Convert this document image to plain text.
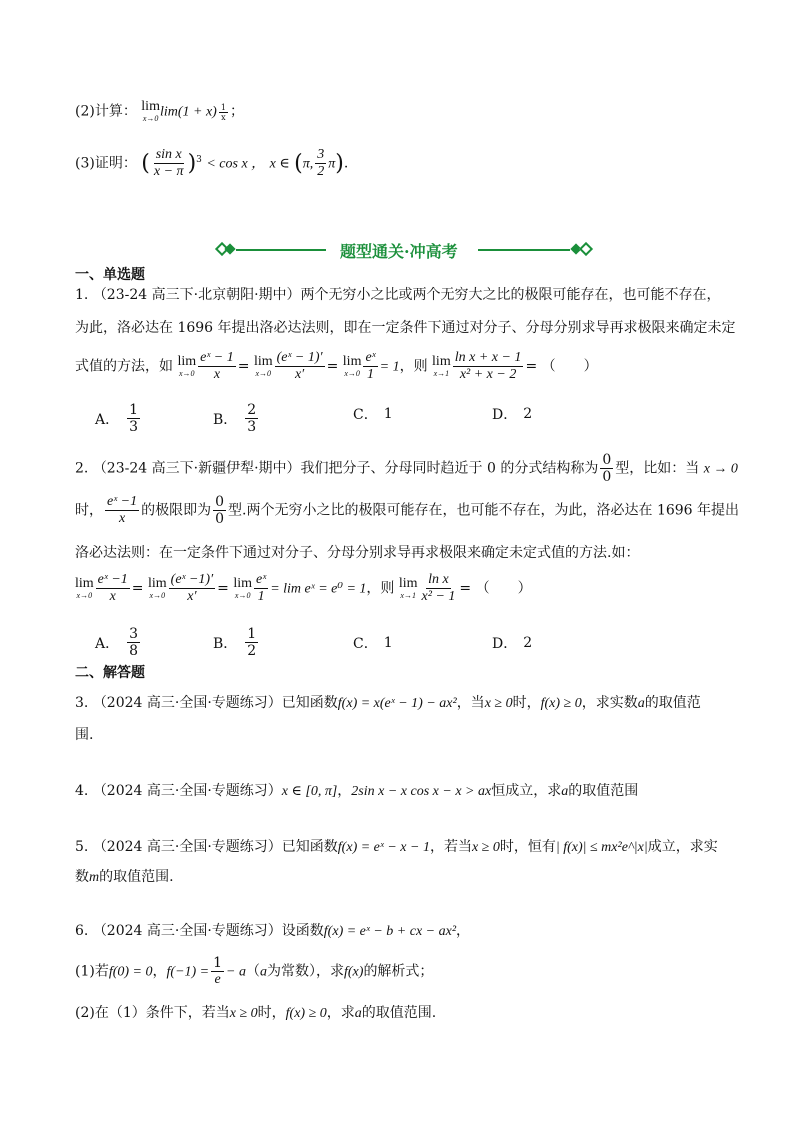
(2)计算： lim
x→0 $\lim(1 + x) \frac{1}{x}$ ；
(3)证明： ( $\frac{\text{sin x}}{x - \pi} )^3 < \cos x$ ， x ∈ (π, $\frac{3}{2} \pi$).
题型通关·冲高考
一、单选题
1. （23-24 高三下·北京朝阳·期中）两个无穷小之比或两个无穷大之比的极限可能存在，也可能不存在，
为此，洛必达在 1696 年提出洛必达法则，即在一定条件下通过对分子、分母分别求导再求极限来确定未定
式值的方法，如 lim
$x\to 0 \frac{\text{eˣ − 1}}{x} = \lim$
$x\to 0 \frac{\text{(eˣ − 1)′}}{x'} = \lim$
$x\to 0 \frac{\text{eˣ}}{1} = 1$，则 lim
$x\to 1 \frac{\text{ln x + x − 1}}{\text{x² + x − 2}}$ = （　　）
A． $\frac{1}{3}$	B． $\frac{2}{3}$	C． 1	D． 2
2. （23-24 高三下·新疆伊犁·期中）我们把分子、分母同时趋近于 0 的分式结构称为 $\frac{0}{0}$ 型，比如：当 x → 0
时， $\frac{\text{eˣ −1}}{x}$ 的极限即为 $\frac{0}{0}$ 型.两个无穷小之比的极限可能存在，也可能不存在，为此，洛必达在 1696 年提出
洛必达法则：在一定条件下通过对分子、分母分别求导再求极限来确定未定式值的方法.如：
lim
$x\to 0 \frac{\text{eˣ −1}}{x} = \lim$
$x\to 0 \frac{\text{(eˣ −1)′}}{x'} = \lim$
$x\to 0 \frac{\text{eˣ}}{1} = \lim$ eˣ = e⁰ = 1，则 lim
$x\to 1 \frac{\text{ln x}}{\text{x² − 1}}$ = （　　）
A． $\frac{3}{8}$	B． $\frac{1}{2}$	C． 1	D． 2
二、解答题
3. （2024 高三·全国·专题练习）已知函数f(x) = x(eˣ − 1) − ax²，当x ≥ 0时，f(x) ≥ 0，求实数a的取值范
围.
4. （2024 高三·全国·专题练习）x ∈ [0, π]，2sin x − x cos x − x > ax恒成立，求a的取值范围
5. （2024 高三·全国·专题练习）已知函数f(x) = eˣ − x − 1，若当x ≥ 0时，恒有| f(x)| ≤ mx²e^|x|成立，求实
数m的取值范围.
6. （2024 高三·全国·专题练习）设函数f(x) = eˣ − b + cx − ax²，
(1)若f(0) = 0，$f(-1) = \frac{1}{e} - a(a$为常数），求f(x)的解析式；
(2)在（1）条件下，若当x ≥ 0时，f(x) ≥ 0，求a的取值范围.
